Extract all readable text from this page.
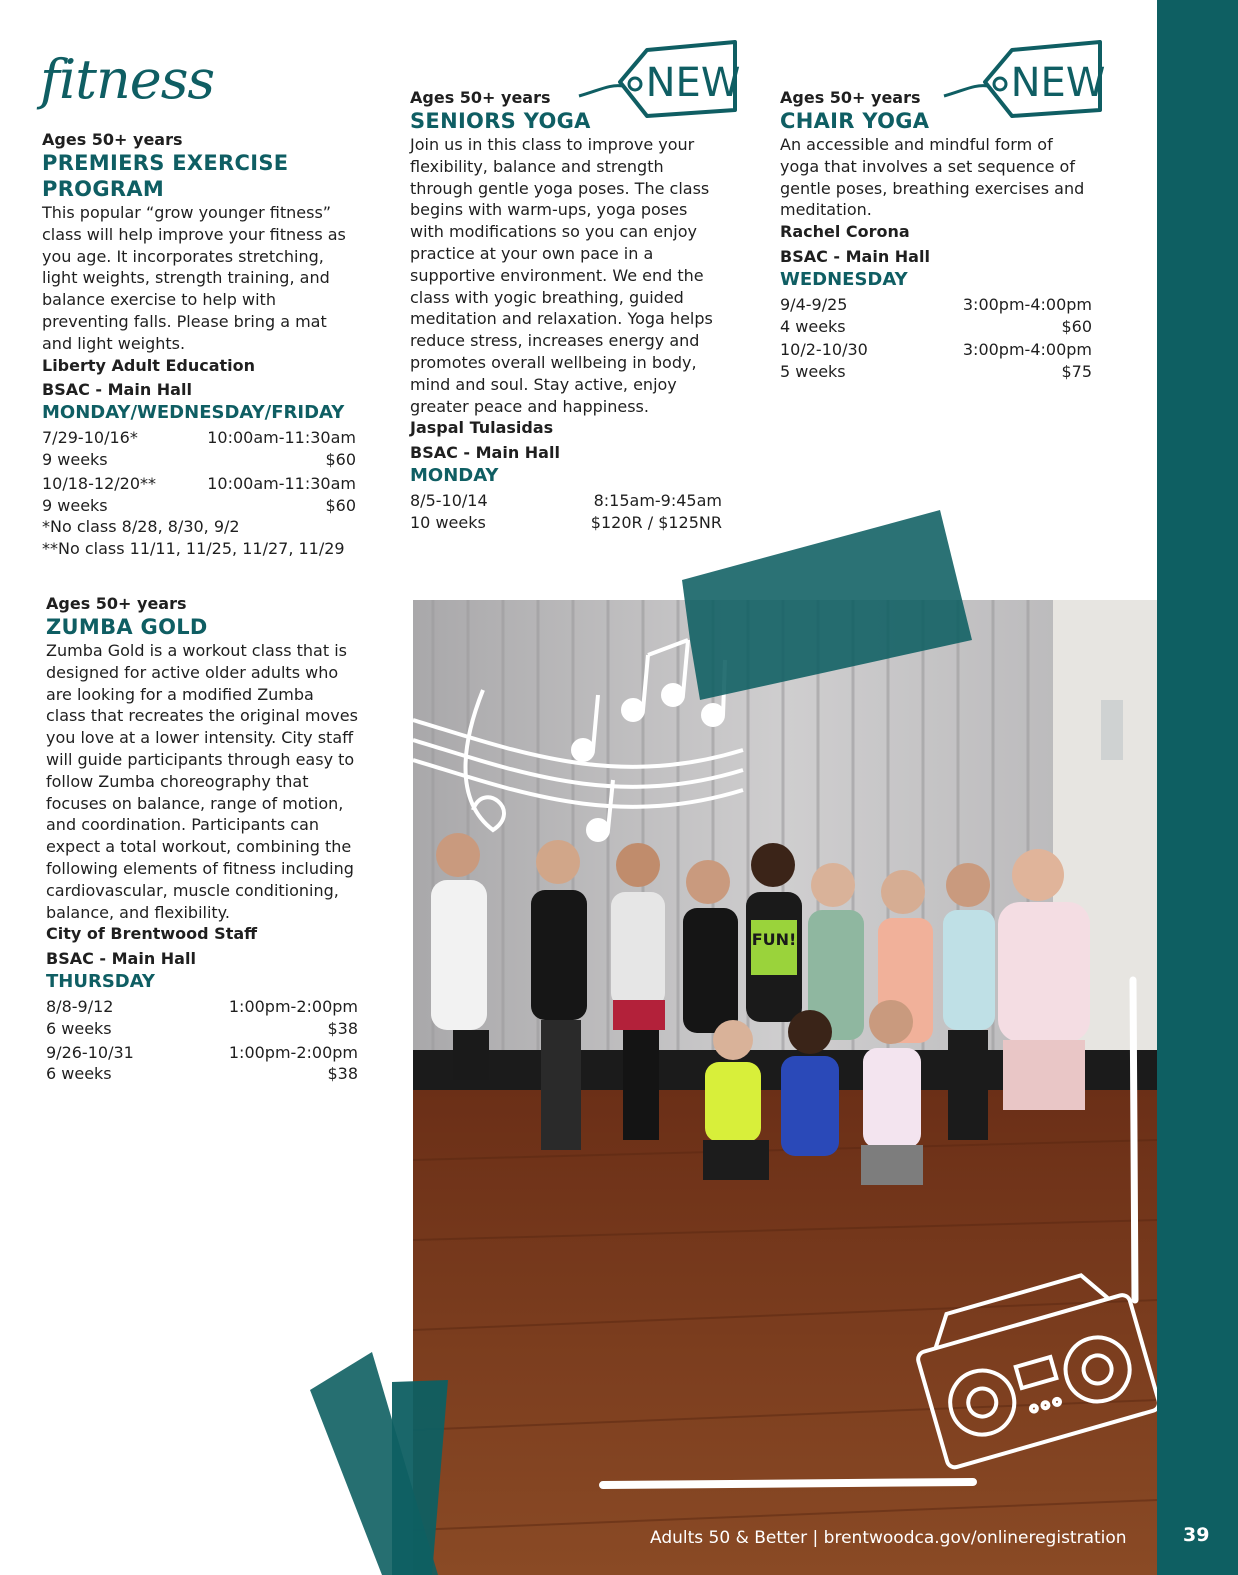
fitness
Ages 50+ years
PREMIERS EXERCISE PROGRAM

This popular “grow younger fitness” class will help improve your fitness as you age. It incorporates stretching, light weights, strength training, and balance exercise to help with preventing falls. Please bring a mat and light weights.

Liberty Adult Education
BSAC - Main Hall
MONDAY/WEDNESDAY/FRIDAY
7/29-10/16*	10:00am-11:30am
9 weeks	$60
10/18-12/20**	10:00am-11:30am
9 weeks	$60
*No class 8/28, 8/30, 9/2
**No class 11/11, 11/25, 11/27, 11/29
NEW
Ages 50+ years
SENIORS YOGA

Join us in this class to improve your flexibility, balance and strength through gentle yoga poses. The class begins with warm-ups, yoga poses with modifications so you can enjoy practice at your own pace in a supportive environment. We end the class with yogic breathing, guided meditation and relaxation. Yoga helps reduce stress, increases energy and promotes overall wellbeing in body, mind and soul. Stay active, enjoy greater peace and happiness.

Jaspal Tulasidas
BSAC - Main Hall
MONDAY
8/5-10/14	8:15am-9:45am
10 weeks	$120R / $125NR
NEW
Ages 50+ years
CHAIR YOGA

An accessible and mindful form of yoga that involves a set sequence of gentle poses, breathing exercises and meditation.

Rachel Corona
BSAC - Main Hall
WEDNESDAY
9/4-9/25	3:00pm-4:00pm
4 weeks	$60
10/2-10/30	3:00pm-4:00pm
5 weeks	$75
Ages 50+ years
ZUMBA GOLD

Zumba Gold is a workout class that is designed for active older adults who are looking for a modified Zumba class that recreates the original moves you love at a lower intensity. City staff will guide participants through easy to follow Zumba choreography that focuses on balance, range of motion, and coordination. Participants can expect a total workout, combining the following elements of fitness including cardiovascular, muscle conditioning, balance, and flexibility.

City of Brentwood Staff
BSAC - Main Hall
THURSDAY
8/8-9/12	1:00pm-2:00pm
6 weeks	$38
9/26-10/31	1:00pm-2:00pm
6 weeks	$38
FUN!
Adults 50 & Better | brentwoodca.gov/onlineregistration	39
